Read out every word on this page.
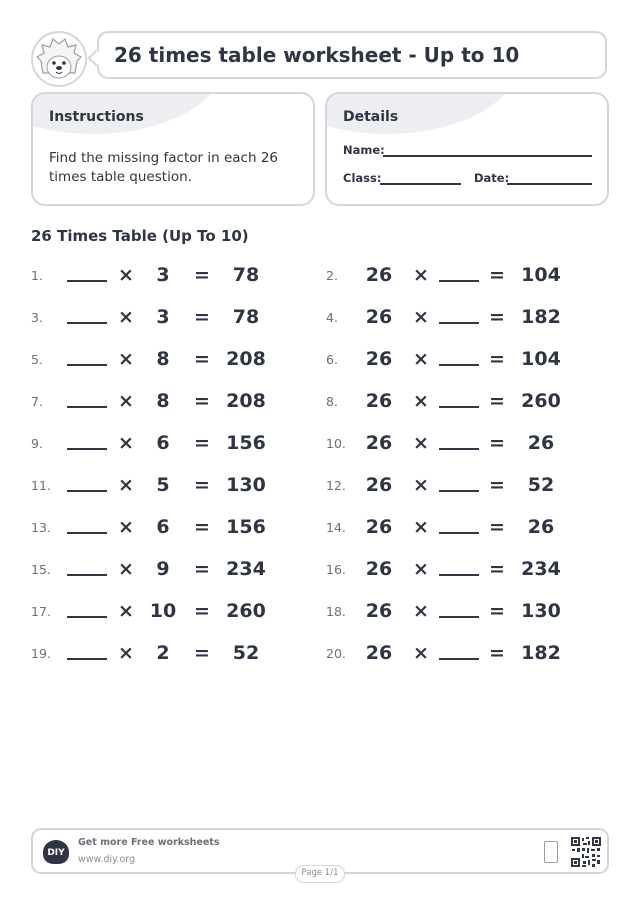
26 times table worksheet - Up to 10
Instructions
Find the missing factor in each 26 times table question.
Details
Name:
Class:	Date:
26 Times Table (Up To 10)
1.	×	3	=	78	2. 26 ×	= 104
3.	×	3	=	78	4. 26 ×	= 182
5.	×	8	= 208	6. 26 ×	= 104
7.	×	8	= 208	8. 26 ×	= 260
9.	×	6	= 156	10. 26 ×	=	26
11.	×	5	= 130	12. 26 ×	=	52
13.	×	6	= 156	14. 26 ×	=	26
15.	×	9	= 234	16. 26 ×	= 234
17.	× 10 = 260	18. 26 ×	= 130
19.	×	2	=	52	20. 26 ×	= 182
DIY
Get more Free worksheets
www.diy.org
Page 1/1
